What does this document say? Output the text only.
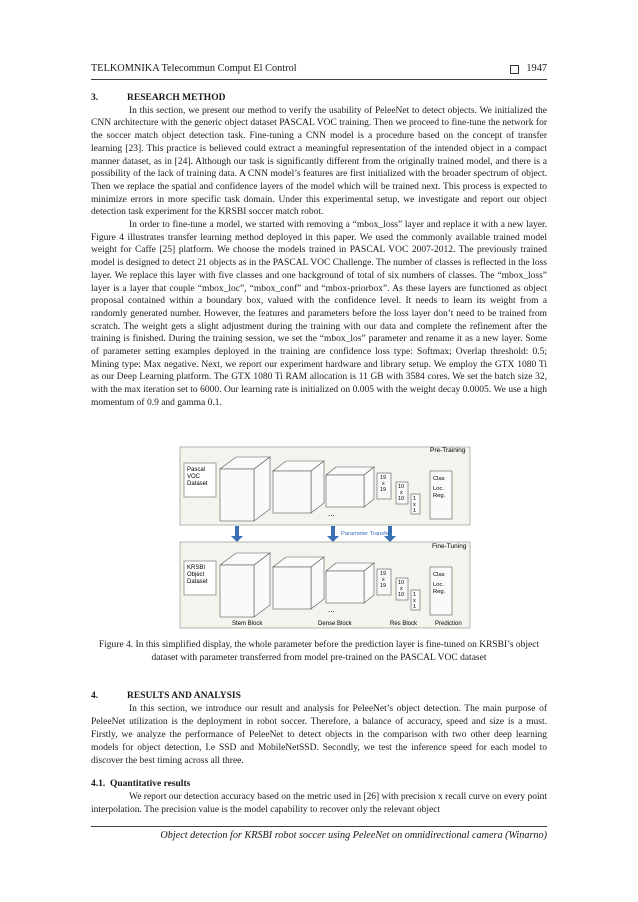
TELKOMNIKA Telecommun Comput El Control	1947
3.	RESEARCH METHOD

In this section, we present our method to verify the usability of PeleeNet to detect objects. We initialized the CNN architecture with the generic object dataset PASCAL VOC training. Then we proceed to fine-tune the network for the soccer match object detection task. Fine-tuning a CNN model is a procedure based on the concept of transfer learning [23]. This practice is believed could extract a meaningful representation of the intended object in a compact manner dataset, as in [24]. Although our task is significantly different from the originally trained model, and there is a possibility of the lack of training data. A CNN model’s features are first initialized with the broader spectrum of object. Then we replace the spatial and confidence layers of the model which will be trained next. This process is expected to minimize errors in more specific task domain. Under this experimental setup, we investigate and report our object detection task experiment for the KRSBI soccer match robot.

In order to fine-tune a model, we started with removing a “mbox_loss” layer and replace it with a new layer. Figure 4 illustrates transfer learning method deployed in this paper. We used the commonly available trained model weight for Caffe [25] platform. We choose the models trained in PASCAL VOC 2007-2012. The previously trained model is designed to detect 21 objects as in the PASCAL VOC Challenge. The number of classes is reflected in the loss layer. We replace this layer with five classes and one background of total of six numbers of classes. The “mbox_loss” layer is a layer that couple “mbox_loc”, “mbox_conf” and “mbox-priorbox”. As these layers are functioned as object proposal contained within a boundary box, valued with the confidence level. It needs to learn its weight from a randomly generated number. However, the features and parameters before the loss layer don’t need to be trained from scratch. The weight gets a slight adjustment during the training with our data and complete the refinement after the training is finished. During the training session, we set the “mbox_los” parameter and rename it as a new layer. Some of parameter setting examples deployed in the training are confidence loss type: Softmax; Overlap threshold: 0.5; Mining type: Max negative. Next, we report our experiment hardware and library setup. We employ the GTX 1080 Ti as our Deep Learning platform. The GTX 1080 Ti RAM allocation is 11 GB with 3584 cores. We set the batch size 32, with the max iteration set to 6000. Our learning rate is initialized on 0.005 with the weight decay 0.0005. We use a high momentum of 0.9 and gamma 0.1.

Pre-Training
Pascal
VOC
Dataset
19
x
19 10
x
10 1
x
1
...
Clas
Loc.
Reg.
Parameter Transfer
Fine-Tuning
KRSBI
Object
Dataset
19
x
19 10
x
10 1
x
1
...
Clas
Loc.
Reg.
Stem Block	Dense Block	Res Block	Prediction
Figure 4. In this simplified display, the whole parameter before the prediction layer is fine-tuned on KRSBI’s object dataset with parameter transferred from model pre-trained on the PASCAL VOC dataset
4.	RESULTS AND ANALYSIS

In this section, we introduce our result and analysis for PeleeNet’s object detection. The main purpose of PeleeNet utilization is the deployment in robot soccer. Therefore, a balance of accuracy, speed and size is a must. Firstly, we analyze the performance of PeleeNet to detect objects in the comparison with two other deep learning models for object detection, I.e SSD and MobileNetSSD. Secondly, we test the inference speed for each model to discover the best timing across all three.

4.1. Quantitative results

We report our detection accuracy based on the metric used in [26] with precision x recall curve on every point interpolation. The precision value is the model capability to recover only the relevant object

Object detection for KRSBI robot soccer using PeleeNet on omnidirectional camera (Winarno)
